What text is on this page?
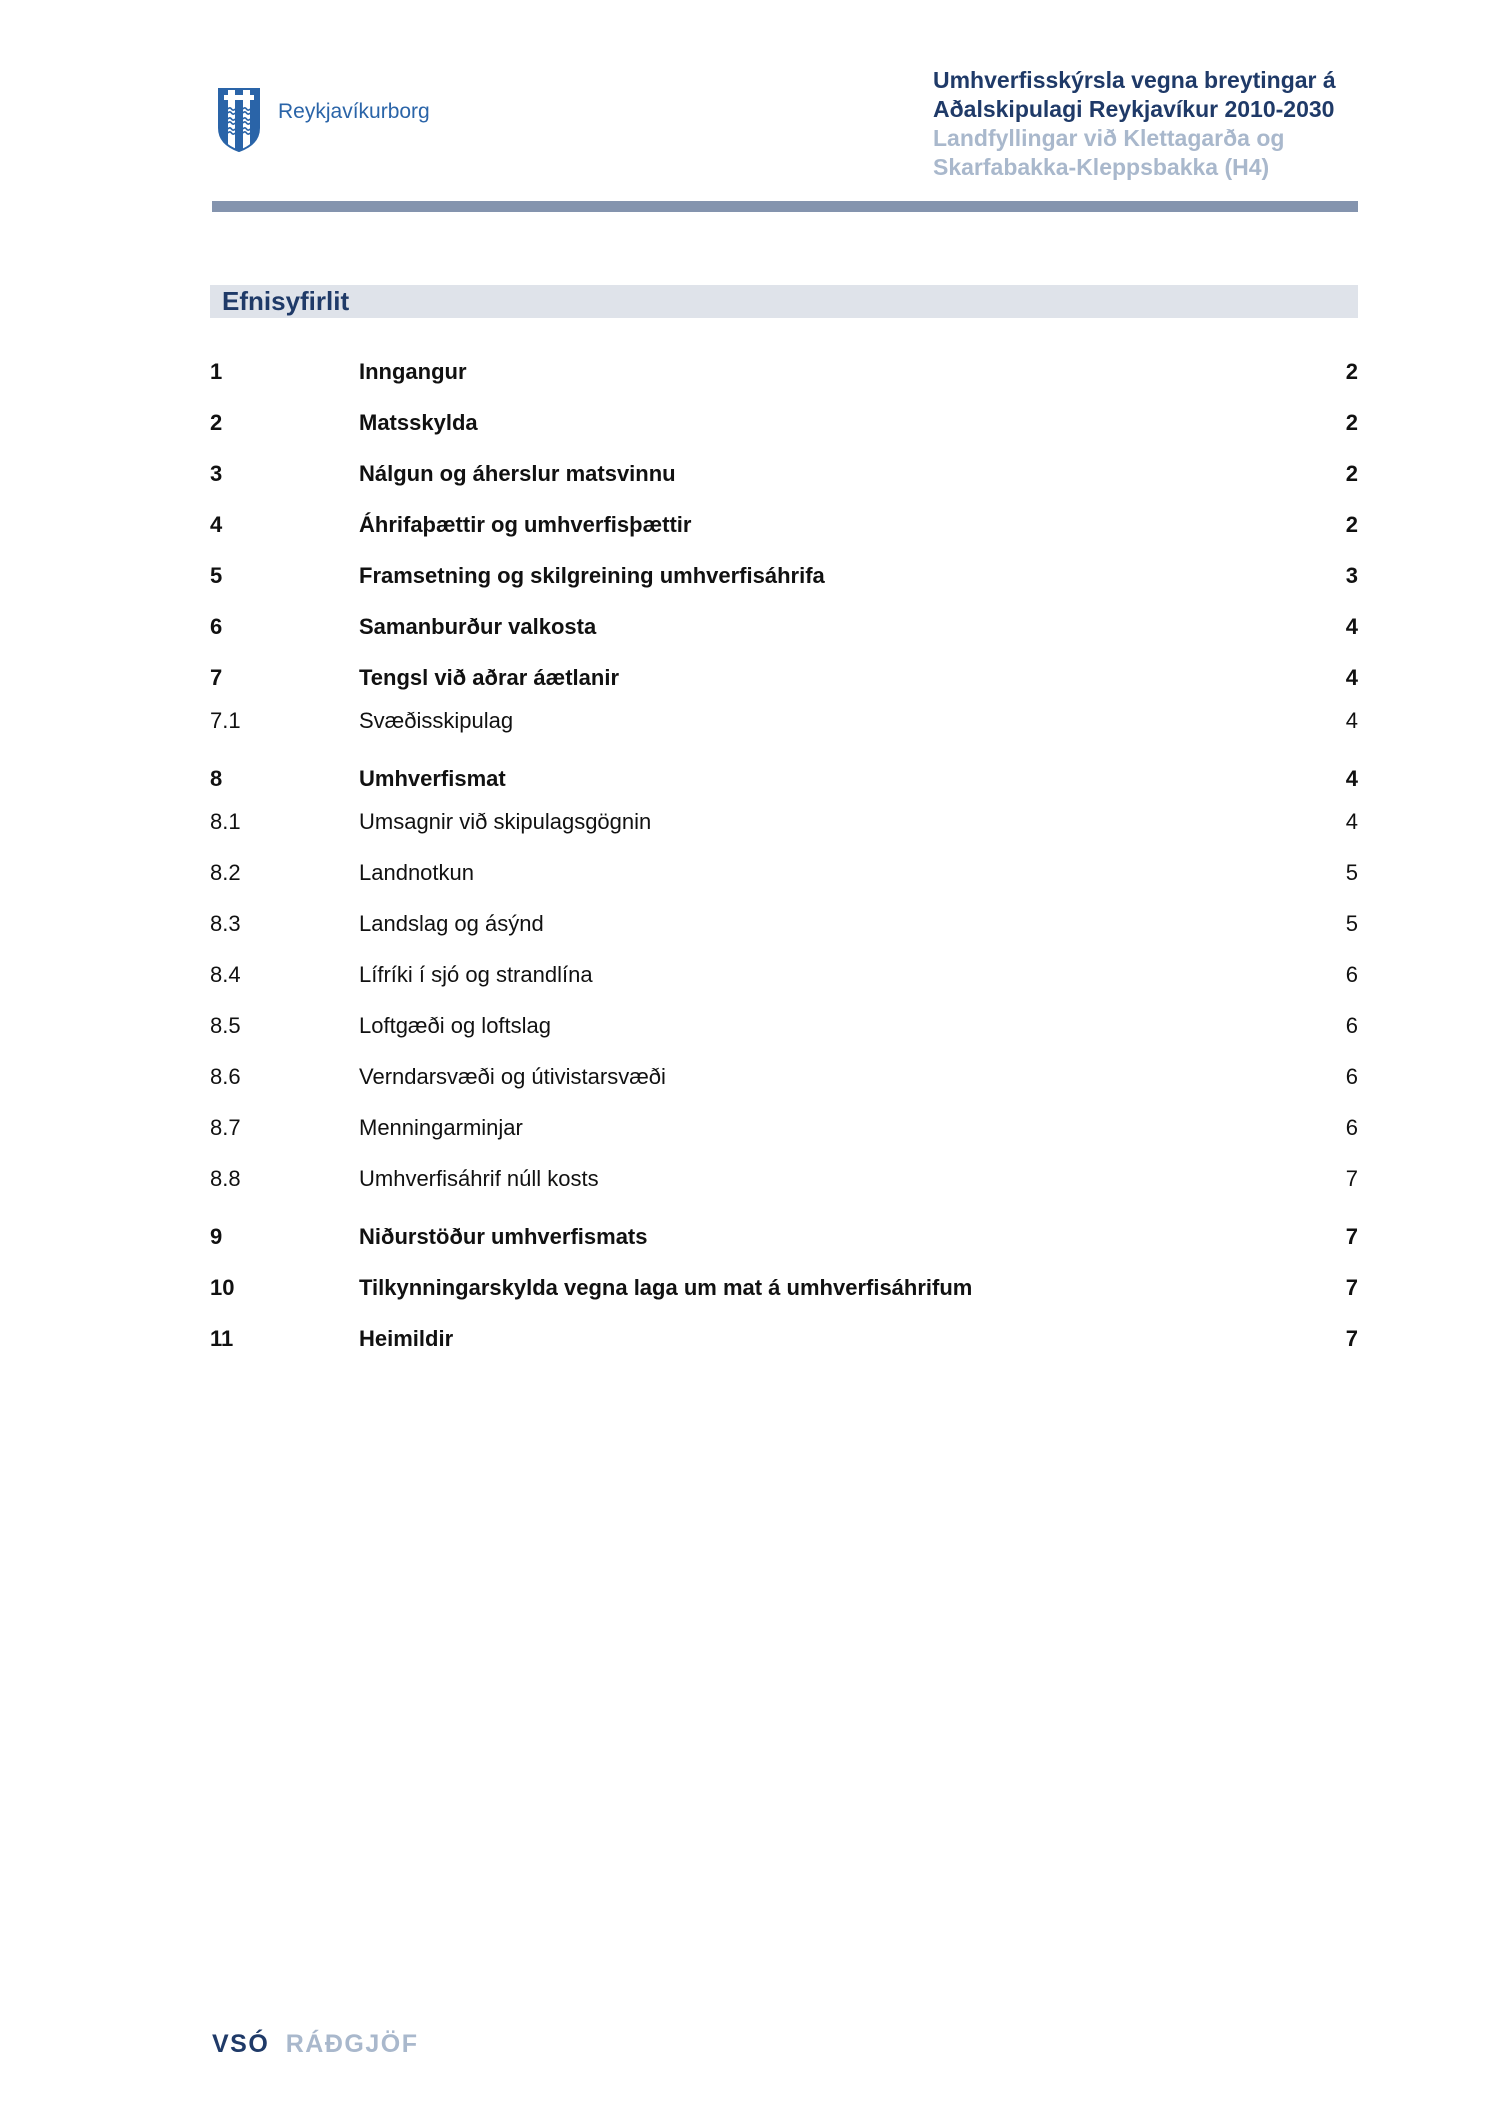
Reykjavíkurborg
Umhverfisskýrsla vegna breytingar á
Aðalskipulagi Reykjavíkur 2010-2030
Landfyllingar við Klettagarða og
Skarfabakka-Kleppsbakka (H4)
Efnisyfirlit
1	Inngangur	2
2	Matsskylda	2
3	Nálgun og áherslur matsvinnu	2
4	Áhrifaþættir og umhverfisþættir	2
5	Framsetning og skilgreining umhverfisáhrifa	3
6	Samanburður valkosta	4
7	Tengsl við aðrar áætlanir	4
7.1	Svæðisskipulag	4
8	Umhverfismat	4
8.1	Umsagnir við skipulagsgögnin	4
8.2	Landnotkun	5
8.3	Landslag og ásýnd	5
8.4	Lífríki í sjó og strandlína	6
8.5	Loftgæði og loftslag	6
8.6	Verndarsvæði og útivistarsvæði	6
8.7	Menningarminjar	6
8.8	Umhverfisáhrif núll kosts	7
9	Niðurstöður umhverfismats	7
10	Tilkynningarskylda vegna laga um mat á umhverfisáhrifum	7
11	Heimildir	7
VSÓ RÁÐGJÖF
